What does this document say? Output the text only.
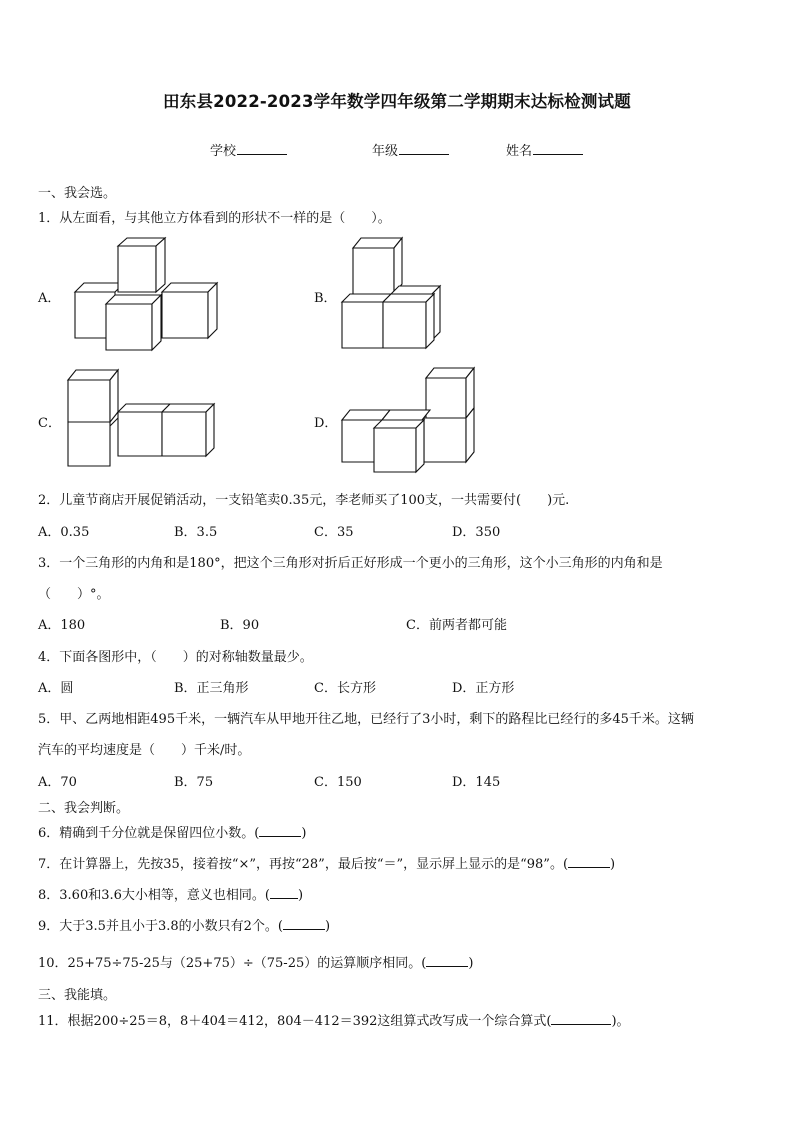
田东县2022-2023学年数学四年级第二学期期末达标检测试题
学校	年级	姓名
一、我会选。
1．从左面看，与其他立方体看到的形状不一样的是（　　）。
A．	B．
C．	D．
2．儿童节商店开展促销活动，一支铅笔卖0.35元，李老师买了100支，一共需要付(　　)元.
A．0.35	B．3.5	C．35	D．350
3．一个三角形的内角和是180°，把这个三角形对折后正好形成一个更小的三角形，这个小三角形的内角和是
（　　）°。
A．180	B．90	C．前两者都可能
4．下面各图形中，（　　）的对称轴数量最少。
A．圆	B．正三角形	C．长方形	D．正方形
5．甲、乙两地相距495千米，一辆汽车从甲地开往乙地，已经行了3小时，剩下的路程比已经行的多45千米。这辆
汽车的平均速度是（　　）千米/时。
A．70	B．75	C．150	D．145
二、我会判断。
6．精确到千分位就是保留四位小数。(	)
7．在计算器上，先按35，接着按“×”，再按“28”，最后按“＝”，显示屏上显示的是“98”。(	)
8．3.60和3.6大小相等，意义也相同。( )
9．大于3.5并且小于3.8的小数只有2个。(	)
10．25+75÷75-25与（25+75）÷（75-25）的运算顺序相同。(	)
三、我能填。
11．根据200÷25＝8，8＋404＝412，804－412＝392这组算式改写成一个综合算式(	)。
